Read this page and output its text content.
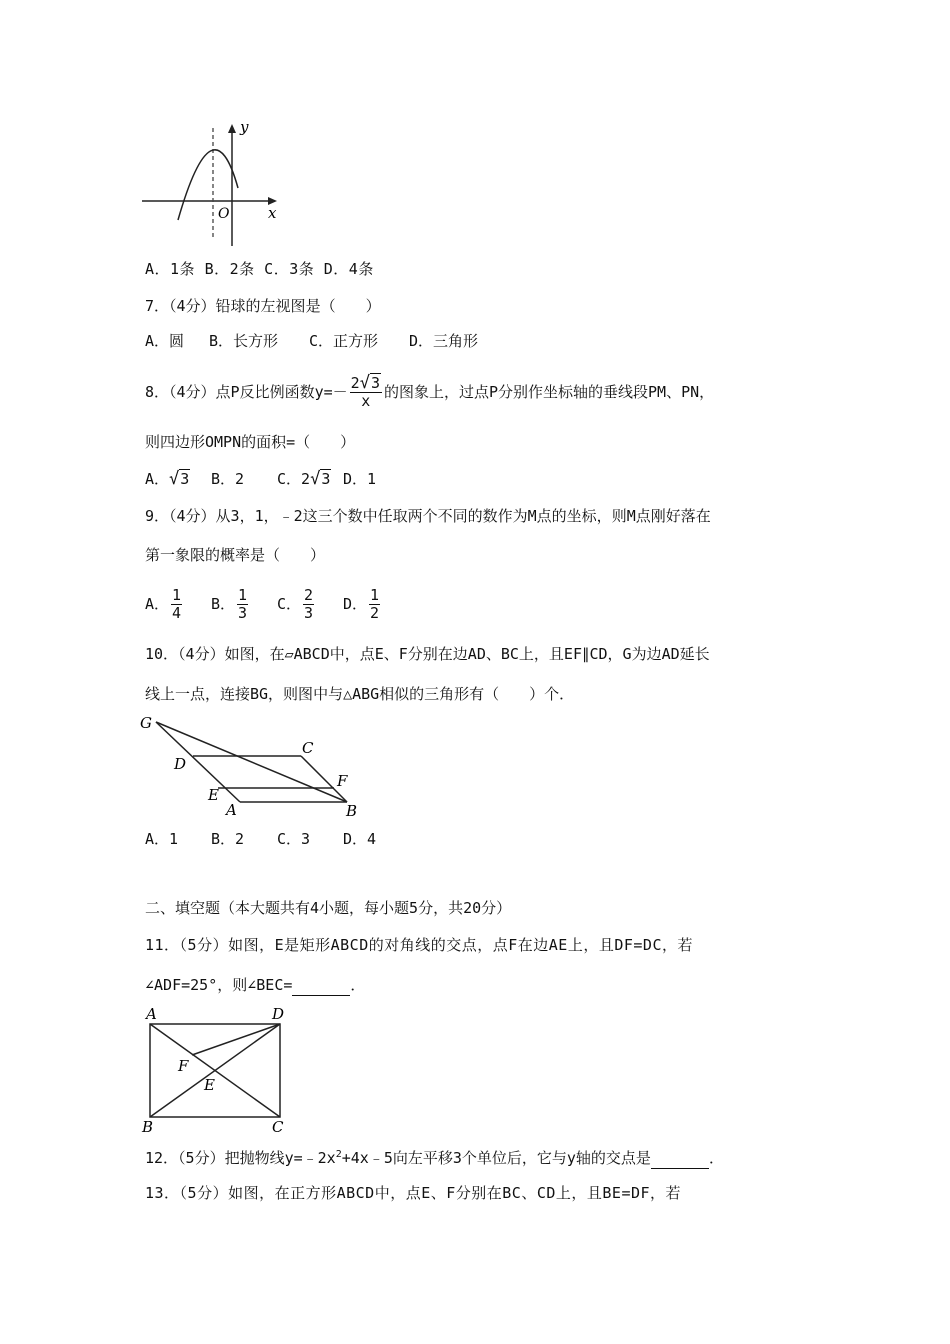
y
x
O
A．1条 B．2条 C．3条 D．4条
7．（4分）铅球的左视图是（　　）
A．圆 B．长方形 C．正方形 D．三角形
8．（4分）点P反比例函数$y=- \frac{2√3}{x}$ 的图象上，过点P分别作坐标轴的垂线段PM、PN，
则四边形OMPN的面积=（　　）
A．√3 B．2 C．2√3 D．1
9．（4分）从3，1，﹣2这三个数中任取两个不同的数作为M点的坐标，则M点刚好落在
第一象限的概率是（　　）
A． $\frac{1}{4}$ B． $\frac{1}{3}$ C． $\frac{2}{3}$ D． $\frac{1}{2}$
10．（4分）如图，在▱ABCD中，点E、F分别在边AD、BC上，且EF∥CD，G为边AD延长
线上一点，连接BG，则图中与△ABG相似的三角形有（　　）个．
G
C
D
F
E
A	B
A．1 B．2 C．3 D．4
二、填空题（本大题共有4小题，每小题5分，共20分）
11．（5分）如图，E是矩形ABCD的对角线的交点，点F在边AE上，且DF=DC，若
∠ADF=25°，则∠BEC=	．
A	D
F
E
B	C
12．（5分）把抛物线$y=﹣2x^2+4x﹣5$向左平移3个单位后，它与y轴的交点是	．
13．（5分）如图，在正方形ABCD中，点E、F分别在BC、CD上，且BE=DF，若
